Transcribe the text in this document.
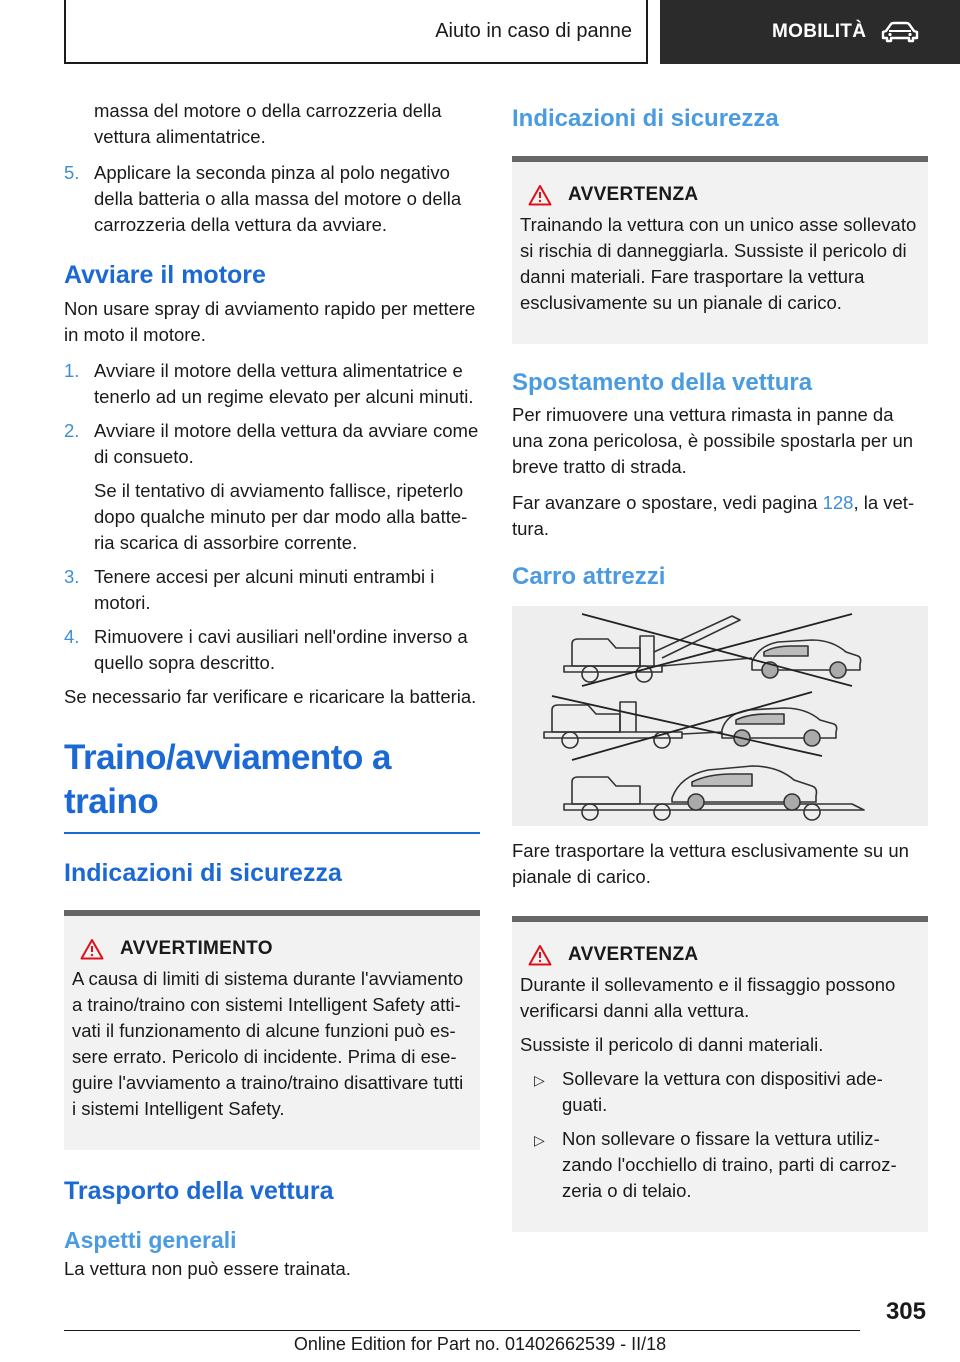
Aiuto in caso di panne	MOBILITÀ

massa del motore o della carrozzeria della vettura alimentatrice.

5. Applicare la seconda pinza al polo negativo della batteria o alla massa del motore o della carrozzeria della vettura da avviare.

Avviare il motore

Non usare spray di avviamento rapido per mettere in moto il motore.

1. Avviare il motore della vettura alimentatrice e tenerlo ad un regime elevato per alcuni minuti.

2. Avviare il motore della vettura da avviare come di consueto.

Se il tentativo di avviamento fallisce, ripeterlo dopo qualche minuto per dar modo alla batteria scarica di assorbire corrente.

3. Tenere accesi per alcuni minuti entrambi i motori.

4. Rimuovere i cavi ausiliari nell'ordine inverso a quello sopra descritto.

Se necessario far verificare e ricaricare la batteria.

Traino/avviamento a traino
Indicazioni di sicurezza
AVVERTIMENTO

A causa di limiti di sistema durante l'avviamento a traino/traino con sistemi Intelligent Safety attivati il funzionamento di alcune funzioni può essere errato. Pericolo di incidente. Prima di eseguire l'avviamento a traino/traino disattivare tutti i sistemi Intelligent Safety.

Trasporto della vettura
Aspetti generali

La vettura non può essere trainata.

Indicazioni di sicurezza
AVVERTENZA

Trainando la vettura con un unico asse sollevato si rischia di danneggiarla. Sussiste il pericolo di danni materiali. Fare trasportare la vettura esclusivamente su un pianale di carico.

Spostamento della vettura

Per rimuovere una vettura rimasta in panne da una zona pericolosa, è possibile spostarla per un breve tratto di strada.

Far avanzare o spostare, vedi pagina 128, la vettura.

Carro attrezzi

Fare trasportare la vettura esclusivamente su un pianale di carico.

AVVERTENZA

Durante il sollevamento e il fissaggio possono verificarsi danni alla vettura.

Sussiste il pericolo di danni materiali.

▷ Sollevare la vettura con dispositivi adeguati.
▷ Non sollevare o fissare la vettura utilizzando l'occhiello di traino, parti di carrozzeria o di telaio.
305
Online Edition for Part no. 01402662539 - II/18
